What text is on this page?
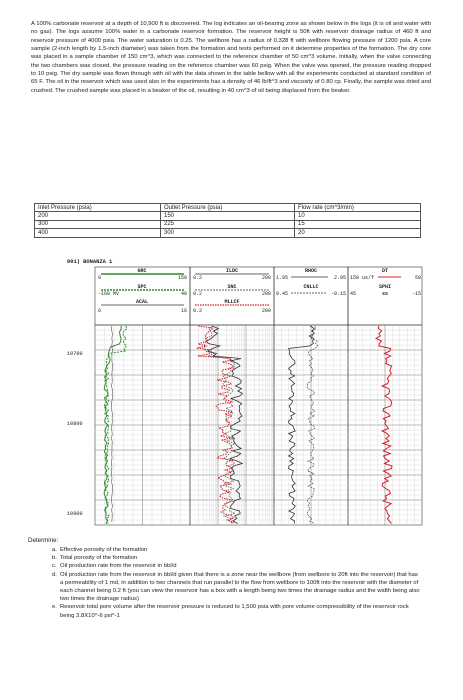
A 100% carbonate reservoir at a depth of 10,900 ft is discovered. The log indicates an oil-bearing zone as shown below in the logs (it is oil and water with no gas). The logs assume 100% water in a carbonate reservoir formation. The reservoir height is 50ft with reservoir drainage radius of 460 ft and reservoir pressure of 4000 psia. The water saturation is 0.25. The wellbore has a radius of 0.328 ft with wellbore flowing pressure of 1200 psia. A core sample (2-inch length by 1.5-inch diameter) was taken from the formation and tests performed on it determine properties of the formation. The dry core was placed in a sample chamber of 150 cm^3, which was connected to the reference chamber of 50 cm^3 volume. Initially, when the valve connecting the two chambers was closed, the pressure reading on the reference chamber was 60 psig. When the valve was opened, the pressure reading dropped to 10 psig. The dry sample was flown through with oil with the data shown in the table bellow with all the experiments conducted at standard condition of 65 F. The oil in the reservoir which was used also in the experiments has a density of 46 lb/ft^3 and viscosity of 0.80 cp. Finally, the sample was dried and crushed. The crushed sample was placed in a beaker of the oil, resulting in 40 cm^3 of oil being displaced from the beaker.

Inlet Pressure (psia)	Outlet Pressure (psia)	Flow rate (cm^3/min)
200	150	10
300	225	15
400	300	20
001) BONANZA 1
GRC
0	150
SPC
-160 MV	40
ACAL
6	16
ILDC
0.2	200
SNC
0.2	200
MLLCF
0.2	200
RHOC
1.95	2.95
CNLLC
0.45	-0.15
DT
150 us/f	50
SPHI
45	ss	-15
10700
10800
10900
Determine:
a. Effective porosity of the formation
b. Total porosity of the formation
c. Oil production rate from the reservoir in bbl/d
d. Oil production rate from the reservoir in bbl/d given that there is a zone near the wellbore (from wellbore to 20ft into the reservoir) that has a permeability of 1 md, in addition to two channels that run parallel to the flow from wellbore to 100ft into the reservoir with the diameter of each channel being 0.2 ft (you can view the reservoir has a box with a length being two times the drainage radius and the width being also two times the drainage radius)
e. Reservoir total pore volume after the reservoir pressure is reduced to 1,500 psia with pore volume compressibility of the reservoir rock being 3.8X10^-6 psi^-1
